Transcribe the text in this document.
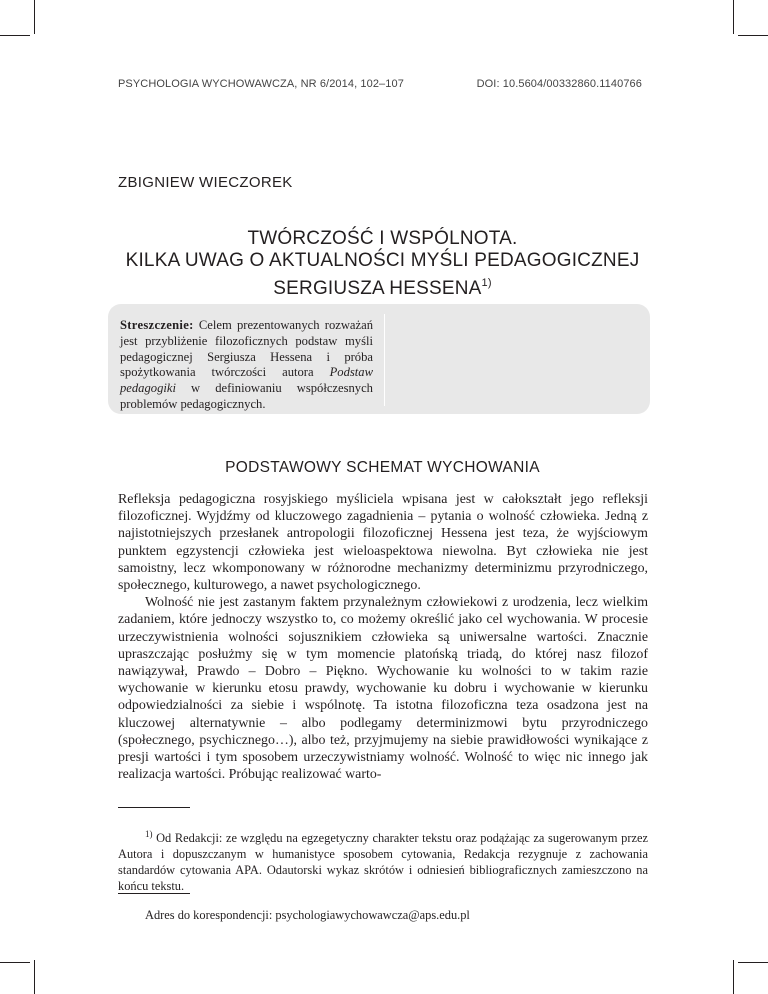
PSYCHOLOGIA WYCHOWAWCZA, NR 6/2014, 102–107	DOI: 10.5604/00332860.1140766
ZBIGNIEW WIECZOREK
TWÓRCZOŚĆ I WSPÓLNOTA.
KILKA UWAG O AKTUALNOŚCI MYŚLI PEDAGOGICZNEJ
SERGIUSZA HESSENA$^{1)}$

Streszczenie: Celem prezentowanych rozważań jest przybliżenie filozoficznych podstaw myśli pedagogicznej Sergiusza Hessena i próba spożytkowania twórczości autora Podstaw pedagogiki w definiowaniu współczesnych problemów pedagogicznych.

PODSTAWOWY SCHEMAT WYCHOWANIA

Refleksja pedagogiczna rosyjskiego myśliciela wpisana jest w całokształt jego refleksji filozoficznej. Wyjdźmy od kluczowego zagadnienia – pytania o wolność człowieka. Jedną z najistotniejszych przesłanek antropologii filozoficznej Hessena jest teza, że wyjściowym punktem egzystencji człowieka jest wieloaspektowa niewolna. Byt człowieka nie jest samoistny, lecz wkomponowany w różnorodne mechanizmy determinizmu przyrodniczego, społecznego, kulturowego, a nawet psychologicznego.

Wolność nie jest zastanym faktem przynależnym człowiekowi z urodzenia, lecz wielkim zadaniem, które jednoczy wszystko to, co możemy określić jako cel wychowania. W procesie urzeczywistnienia wolności sojusznikiem człowieka są uniwersalne wartości. Znacznie upraszczając posłużmy się w tym momencie platońską triadą, do której nasz filozof nawiązywał, Prawdo – Dobro – Piękno. Wychowanie ku wolności to w takim razie wychowanie w kierunku etosu prawdy, wychowanie ku dobru i wychowanie w kierunku odpowiedzialności za siebie i wspólnotę. Ta istotna filozoficzna teza osadzona jest na kluczowej alternatywnie – albo podlegamy determinizmowi bytu przyrodniczego (społecznego, psychicznego…), albo też, przyjmujemy na siebie prawidłowości wynikające z presji wartości i tym sposobem urzeczywistniamy wolność. Wolność to więc nic innego jak realizacja wartości. Próbując realizować warto-

$^{1)}$ Od Redakcji: ze względu na egzegetyczny charakter tekstu oraz podążając za sugerowanym przez Autora i dopuszczanym w humanistyce sposobem cytowania, Redakcja rezygnuje z zachowania standardów cytowania APA. Odautorski wykaz skrótów i odniesień bibliograficznych zamieszczono na końcu tekstu.
Adres do korespondencji: psychologiawychowawcza@aps.edu.pl
